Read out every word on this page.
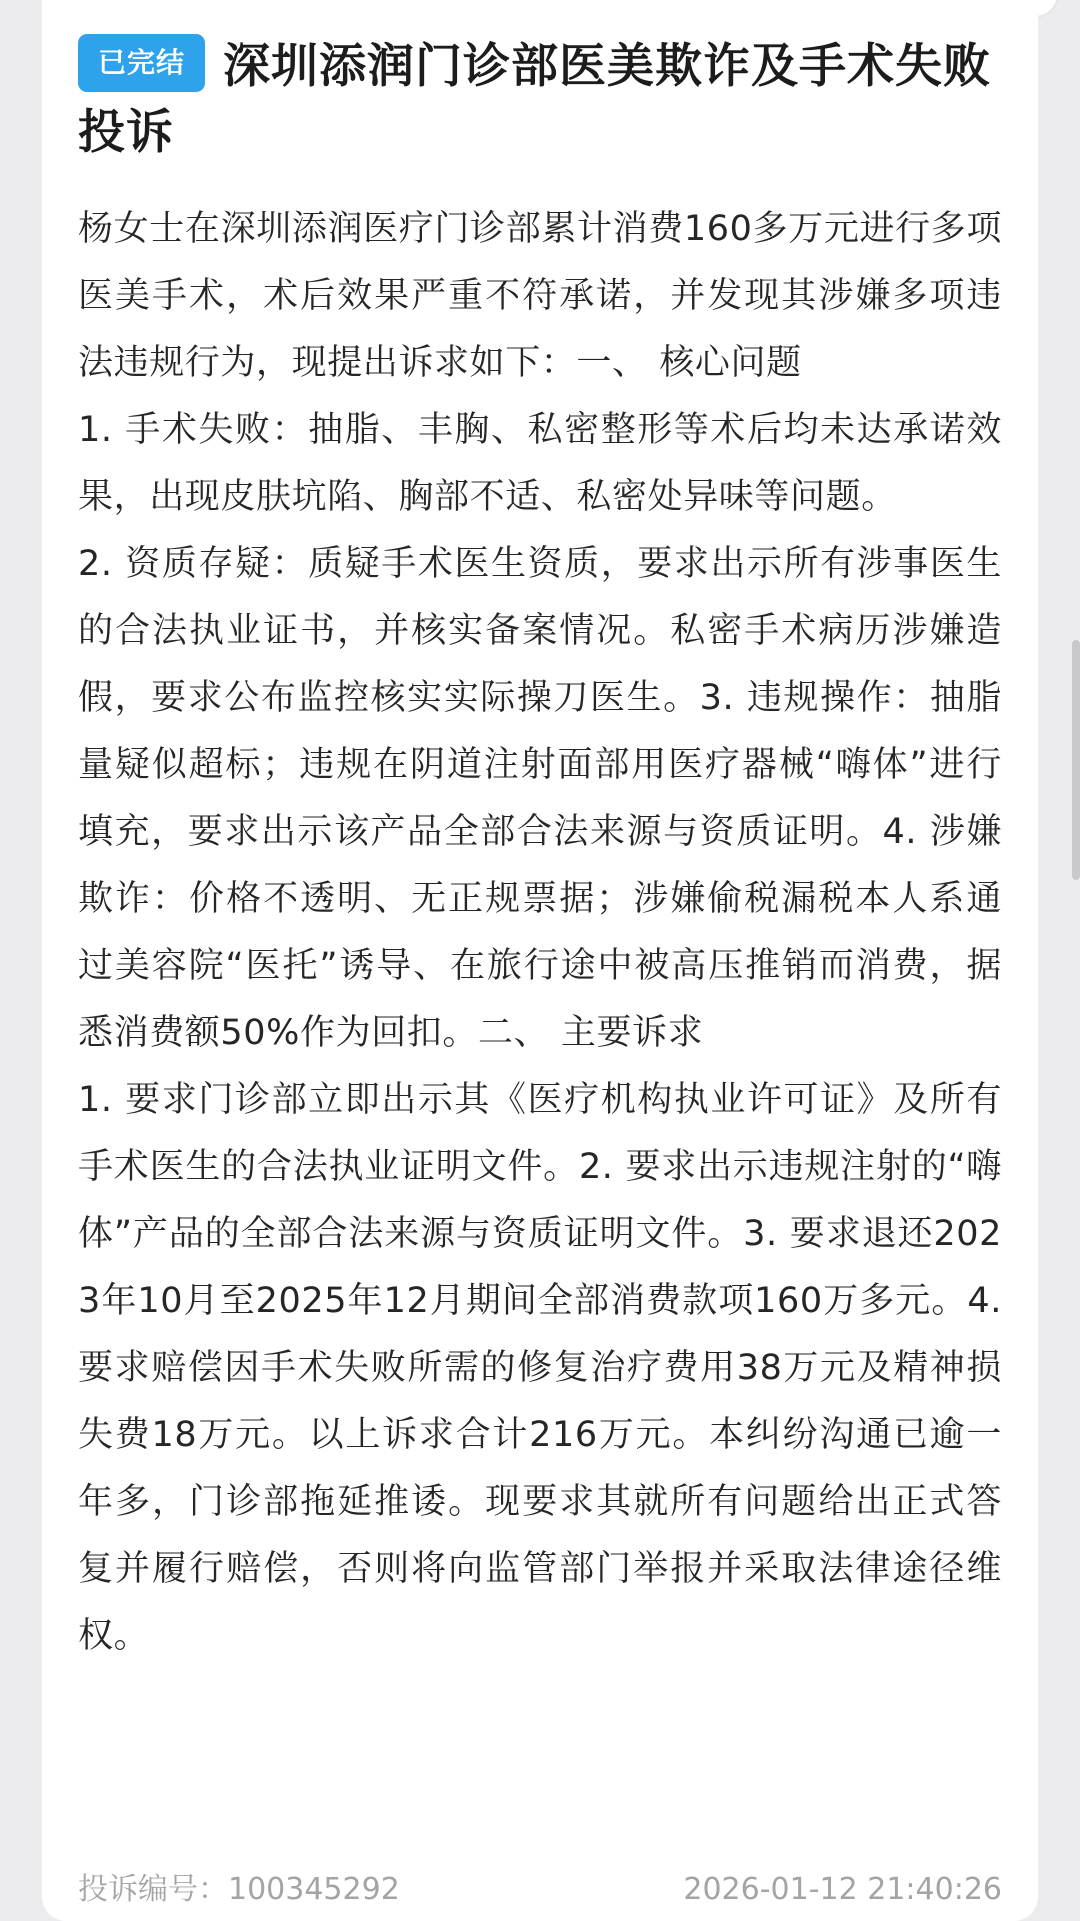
已完结 深圳添润门诊部医美欺诈及手术失败投诉
杨女士在深圳添润医疗门诊部累计消费160多万元进行多项医美手术，术后效果严重不符承诺，并发现其涉嫌多项违法违规行为，现提出诉求如下：一、 核心问题
1. 手术失败：抽脂、丰胸、私密整形等术后均未达承诺效果，出现皮肤坑陷、胸部不适、私密处异味等问题。
2. 资质存疑：质疑手术医生资质，要求出示所有涉事医生的合法执业证书，并核实备案情况。私密手术病历涉嫌造假，要求公布监控核实实际操刀医生。3. 违规操作：抽脂量疑似超标；违规在阴道注射面部用医疗器械“嗨体”进行填充，要求出示该产品全部合法来源与资质证明。4. 涉嫌欺诈：价格不透明、无正规票据；涉嫌偷税漏税本人系通过美容院“医托”诱导、在旅行途中被高压推销而消费，据悉消费额50%作为回扣。二、 主要诉求
1. 要求门诊部立即出示其《医疗机构执业许可证》及所有手术医生的合法执业证明文件。2. 要求出示违规注射的“嗨体”产品的全部合法来源与资质证明文件。3. 要求退还2023年10月至2025年12月期间全部消费款项160万多元。4. 要求赔偿因手术失败所需的修复治疗费用38万元及精神损失费18万元。以上诉求合计216万元。本纠纷沟通已逾一年多，门诊部拖延推诿。现要求其就所有问题给出正式答复并履行赔偿，否则将向监管部门举报并采取法律途径维权。
投诉编号：100345292	2026-01-12 21:40:26
